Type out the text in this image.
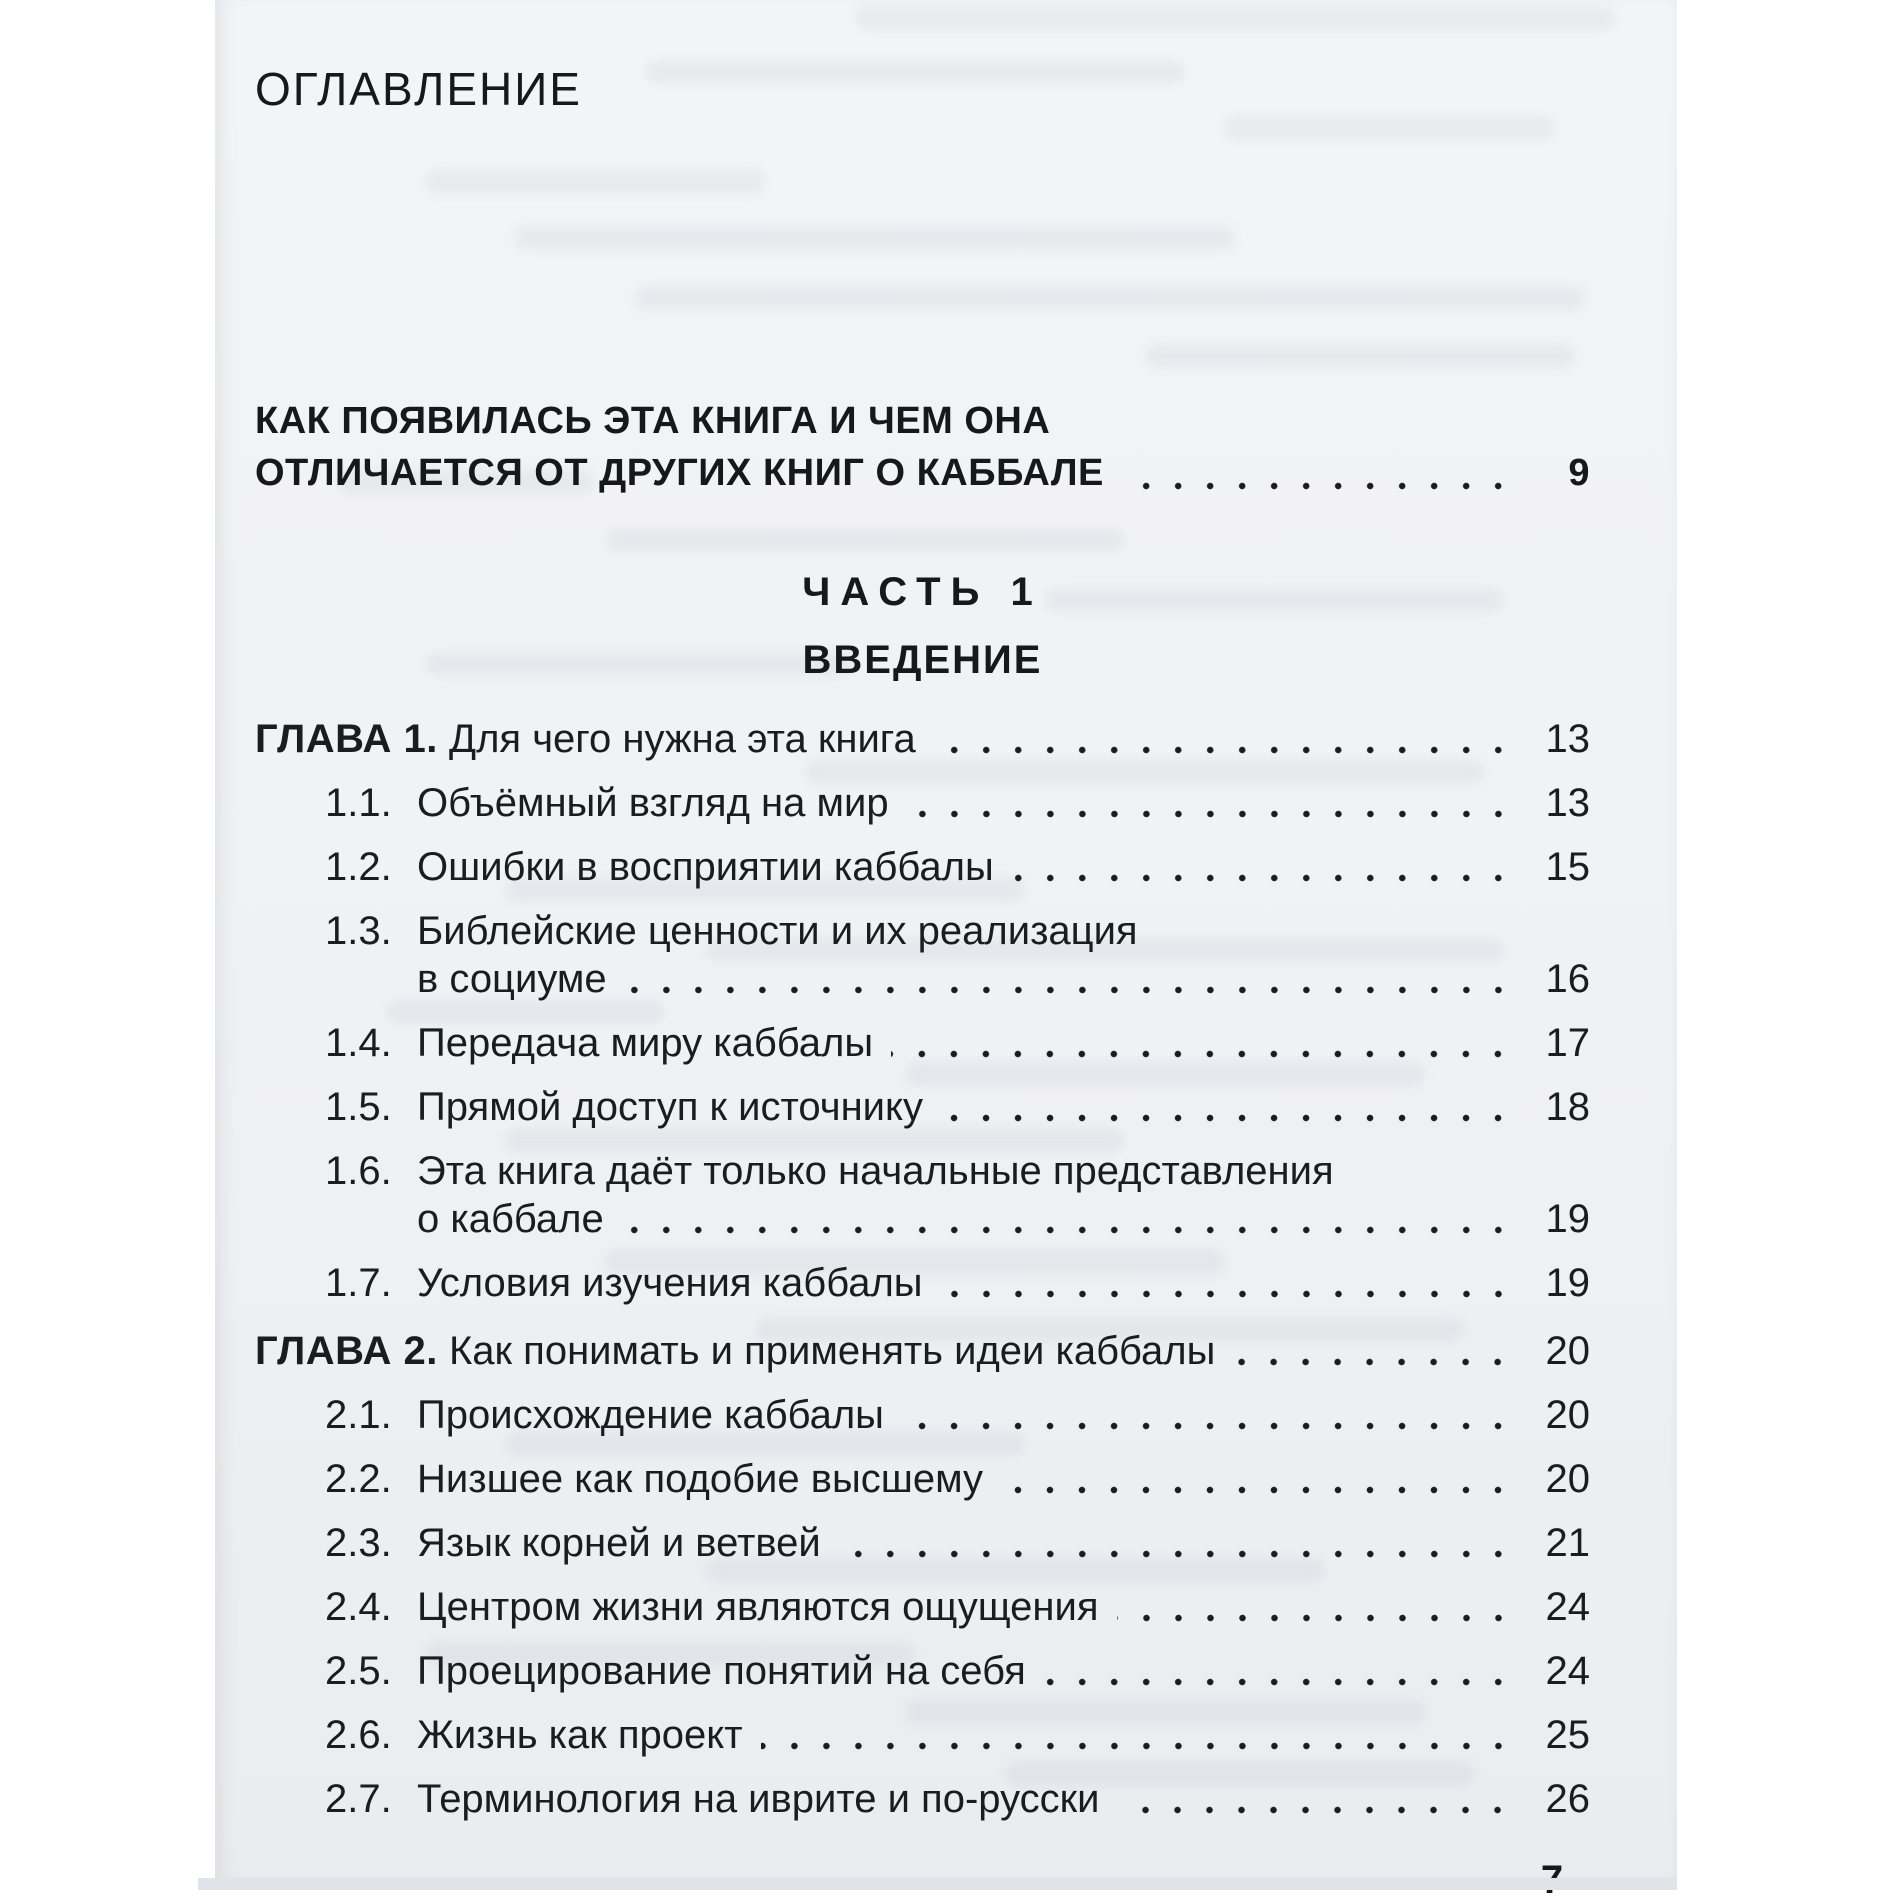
ОГЛАВЛЕНИЕ
КАК ПОЯВИЛАСЬ ЭТА КНИГА И ЧЕМ ОНА
ОТЛИЧАЕТСЯ ОТ ДРУГИХ КНИГ О КАББАЛЕ	9
ЧАСТЬ 1
ВВЕДЕНИЕ
ГЛАВА 1. Для чего нужна эта книга	13
1.1. Объёмный взгляд на мир	13
1.2. Ошибки в восприятии каббалы	15
1.3. Библейские ценности и их реализация
в социуме	16
1.4. Передача миру каббалы	17
1.5. Прямой доступ к источнику	18
1.6. Эта книга даёт только начальные представления
о каббале	19
1.7. Условия изучения каббалы	19
ГЛАВА 2. Как понимать и применять идеи каббалы	20
2.1. Происхождение каббалы	20
2.2. Низшее как подобие высшему	20
2.3. Язык корней и ветвей	21
2.4. Центром жизни являются ощущения	24
2.5. Проецирование понятий на себя	24
2.6. Жизнь как проект	25
2.7. Терминология на иврите и по-русски	26
